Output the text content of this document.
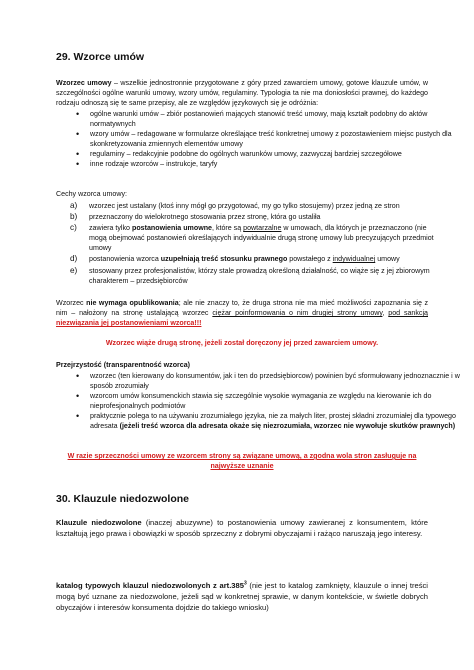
29. Wzorce umów

Wzorzec umowy – wszelkie jednostronnie przygotowane z góry przed zawarciem umowy, gotowe klauzule umów, w szczególności ogólne warunki umowy, wzory umów, regulaminy. Typologia ta nie ma doniosłości prawnej, do każdego rodzaju odnoszą się te same przepisy, ale ze względów językowych się je odróżnia:

• ogólne warunki umów – zbiór postanowień mających stanowić treść umowy, mają kształt podobny do aktów normatywnych
• wzory umów – redagowane w formularze określające treść konkretnej umowy z pozostawieniem miejsc pustych dla skonkretyzowania zmiennych elementów umowy
• regulaminy – redakcyjnie podobne do ogólnych warunków umowy, zazwyczaj bardziej szczegółowe
• inne rodzaje wzorców – instrukcje, taryfy

Cechy wzorca umowy:

a) wzorzec jest ustalany (ktoś inny mógł go przygotować, my go tylko stosujemy) przez jedną ze stron
b) przeznaczony do wielokrotnego stosowania przez stronę, która go ustaliła
c) zawiera tylko postanowienia umowne, które są powtarzalne w umowach, dla których je przeznaczono (nie mogą obejmować postanowień określających indywidualnie drugą stronę umowy lub precyzujących przedmiot umowy
d) postanowienia wzorca uzupełniają treść stosunku prawnego powstałego z indywidualnej umowy
e) stosowany przez profesjonalistów, którzy stale prowadzą określoną działalność, co wiąże się z jej zbiorowym charakterem – przedsiębiorców

Wzorzec nie wymaga opublikowania; ale nie znaczy to, że druga strona nie ma mieć możliwości zapoznania się z nim – nałożony na stronę ustalającą wzorzec ciężar poinformowania o nim drugiej strony umowy, pod sankcją niezwiązania jej postanowieniami wzorca!!!

Wzorzec wiąże drugą stronę, jeżeli został doręczony jej przed zawarciem umowy.

Przejrzystość (transparentność wzorca)

• wzorzec (ten kierowany do konsumentów, jak i ten do przedsiębiorcow) powinien być sformułowany jednoznacznie i w sposób zrozumiały
• wzorcom umów konsumenckich stawia się szczególnie wysokie wymagania ze względu na kierowanie ich do nieprofesjonalnych podmiotów
• praktycznie polega to na używaniu zrozumiałego języka, nie za małych liter, prostej składni zrozumiałej dla typowego adresata (jeżeli treść wzorca dla adresata okaże się niezrozumiała, wzorzec nie wywołuje skutków prawnych)

W razie sprzeczności umowy ze wzorcem strony są związane umową, a zgodna wola stron zasługuje na najwyższe uznanie

30. Klauzule niedozwolone

Klauzule niedozwolone (inaczej abuzywne) to postanowienia umowy zawieranej z konsumentem, które kształtują jego prawa i obowiązki w sposób sprzeczny z dobrymi obyczajami i rażąco naruszają jego interesy.

katalog typowych klauzul niedozwolonych z art.385$^3$ (nie jest to katalog zamknięty, klauzule o innej treści mogą być uznane za niedozwolone, jeżeli sąd w konkretnej sprawie, w danym kontekście, w świetle dobrych obyczajów i interesów konsumenta dojdzie do takiego wniosku)
